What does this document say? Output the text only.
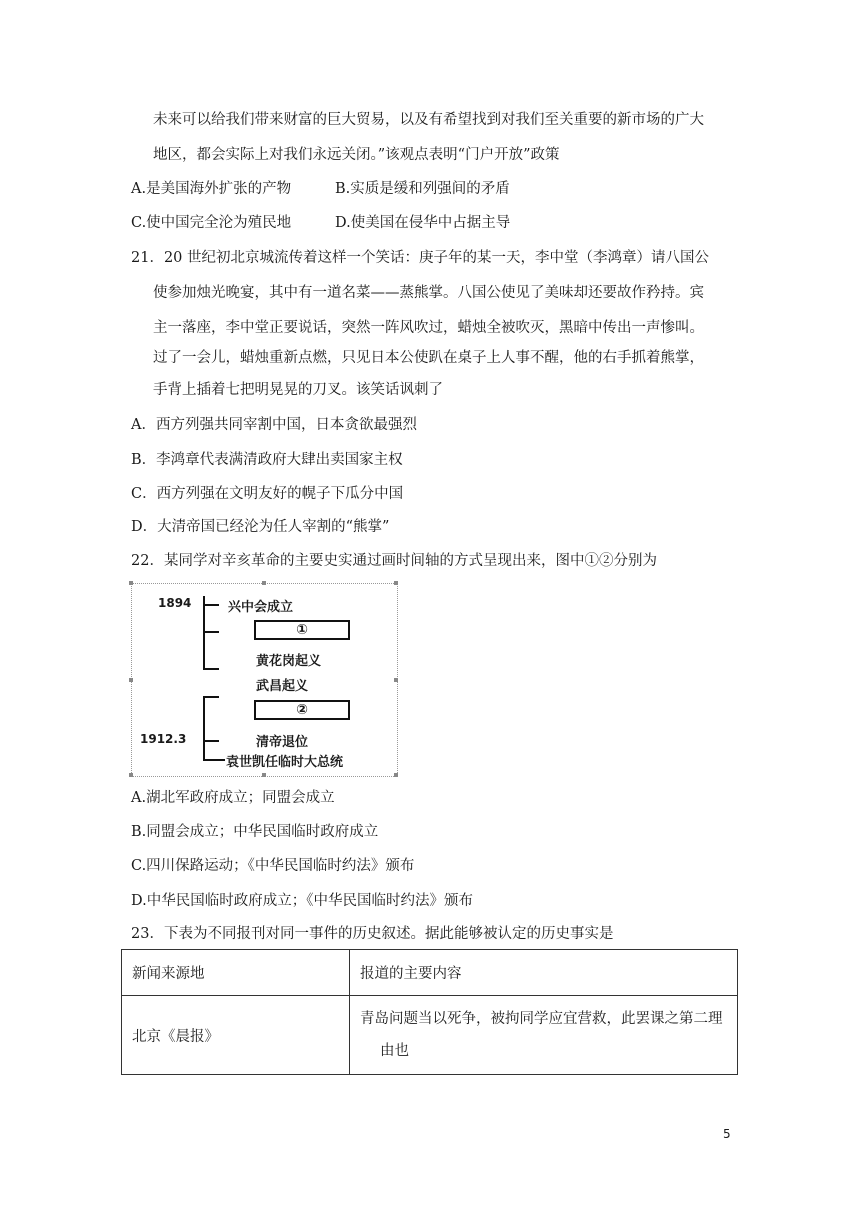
未来可以给我们带来财富的巨大贸易，以及有希望找到对我们至关重要的新市场的广大
地区，都会实际上对我们永远关闭。”该观点表明“门户开放”政策
A.是美国海外扩张的产物	B.实质是缓和列强间的矛盾
C.使中国完全沦为殖民地	D.使美国在侵华中占据主导
21．20 世纪初北京城流传着这样一个笑话：庚子年的某一天，李中堂（李鸿章）请八国公
使参加烛光晚宴，其中有一道名菜——蒸熊掌。八国公使见了美味却还要故作矜持。宾
主一落座，李中堂正要说话，突然一阵风吹过，蜡烛全被吹灭，黑暗中传出一声惨叫。
过了一会儿，蜡烛重新点燃，只见日本公使趴在桌子上人事不醒，他的右手抓着熊掌，
手背上插着七把明晃晃的刀叉。该笑话讽刺了
A．西方列强共同宰割中国，日本贪欲最强烈
B．李鸿章代表满清政府大肆出卖国家主权
C．西方列强在文明友好的幌子下瓜分中国
D．大清帝国已经沦为任人宰割的“熊掌”
22．某同学对辛亥革命的主要史实通过画时间轴的方式呈现出来，图中①②分别为
1894
1912.3
兴中会成立
①
黄花岗起义
武昌起义
②
清帝退位
袁世凯任临时大总统
A.湖北军政府成立；同盟会成立
B.同盟会成立；中华民国临时政府成立
C.四川保路运动；《中华民国临时约法》颁布
D.中华民国临时政府成立；《中华民国临时约法》颁布
23．下表为不同报刊对同一事件的历史叙述。据此能够被认定的历史事实是
新闻来源地	报道的主要内容
北京《晨报》	青岛问题当以死争，被拘同学应宜营救，此罢课之第二理
由也
5
